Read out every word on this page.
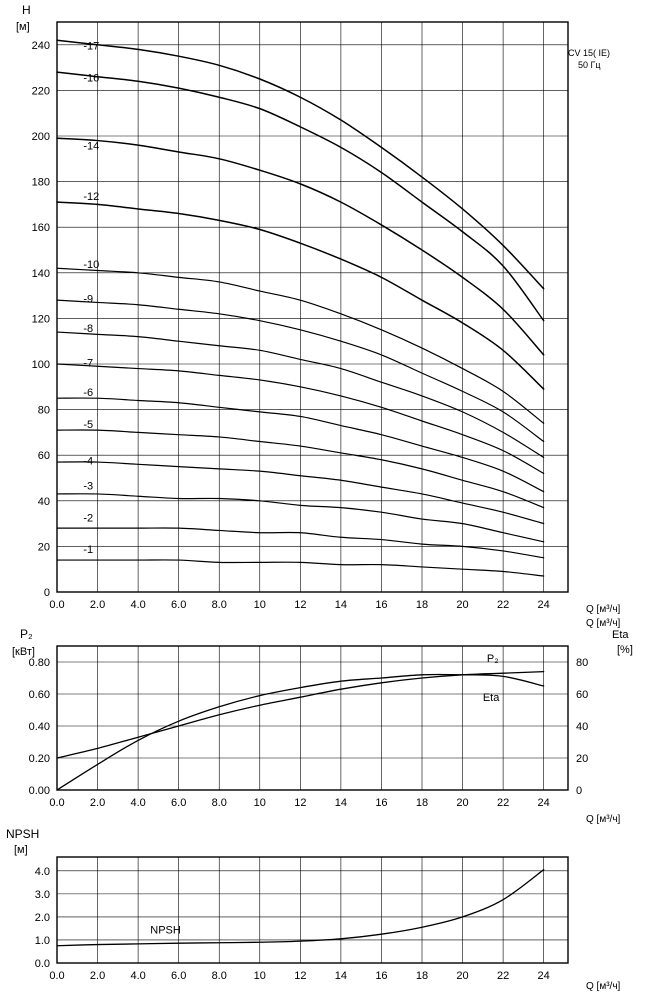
0.0 2.0 4.0 6.0 8.0 10	12	14	16	18	20	22	24
0
20
40
60
80
100
120
140
160
180
200
220
240	-17
-16
-14
-12
-10
-9
-8
-7
-6
-5
-4
-3
-2
-1
0.0 2.0 4.0 6.0 8.0 10	12	14	16	18	20	22	24
0.00
0.20
0.40
0.60
0.80
0
20
40
60
80
P₂
Eta
0.0 2.0 4.0 6.0 8.0 10	12	14	16	18	20	22	24
0.0
1.0
2.0
3.0
4.0
NPSH
H
[м]
Q [м³/ч]
Q [м³/ч]
CV 15( IE)
50 Гц
P₂
[кВт]
Eta
[%]
Q [м³/ч]
NPSH
[м]
Q [м³/ч]
